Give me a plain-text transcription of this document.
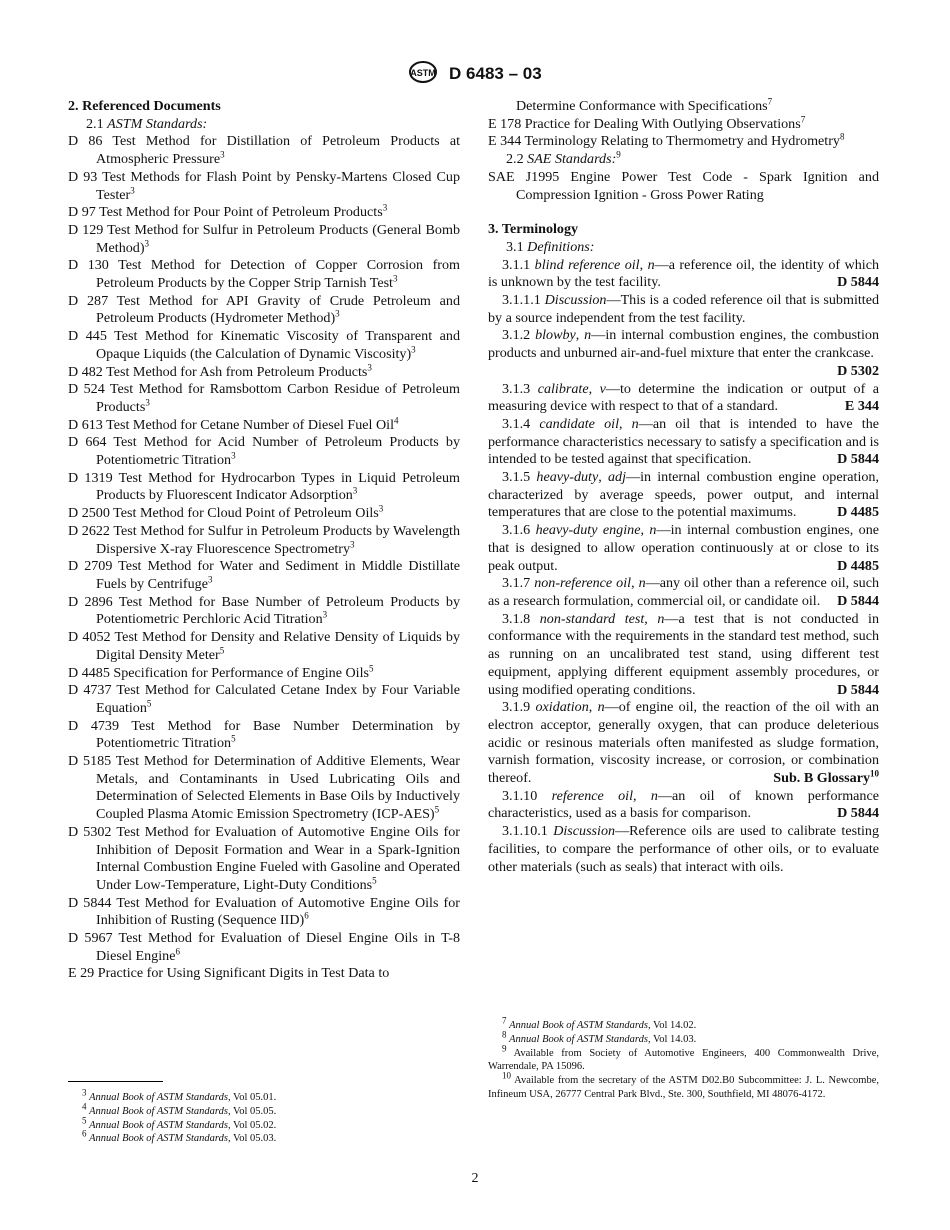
ASTM D 6483 – 03

2. Referenced Documents

2.1 ASTM Standards:
D 86 Test Method for Distillation of Petroleum Products at Atmospheric Pressure$^3$
D 93 Test Methods for Flash Point by Pensky-Martens Closed Cup Tester$^3$
D 97 Test Method for Pour Point of Petroleum Products$^3$
D 129 Test Method for Sulfur in Petroleum Products (General Bomb Method)$^3$
D 130 Test Method for Detection of Copper Corrosion from Petroleum Products by the Copper Strip Tarnish Test$^3$
D 287 Test Method for API Gravity of Crude Petroleum and Petroleum Products (Hydrometer Method)$^3$
D 445 Test Method for Kinematic Viscosity of Transparent and Opaque Liquids (the Calculation of Dynamic Viscosity)$^3$
D 482 Test Method for Ash from Petroleum Products$^3$
D 524 Test Method for Ramsbottom Carbon Residue of Petroleum Products$^3$
D 613 Test Method for Cetane Number of Diesel Fuel Oil$^4$
D 664 Test Method for Acid Number of Petroleum Products by Potentiometric Titration$^3$
D 1319 Test Method for Hydrocarbon Types in Liquid Petroleum Products by Fluorescent Indicator Adsorption$^3$
D 2500 Test Method for Cloud Point of Petroleum Oils$^3$
D 2622 Test Method for Sulfur in Petroleum Products by Wavelength Dispersive X-ray Fluorescence Spectrometry$^3$
D 2709 Test Method for Water and Sediment in Middle Distillate Fuels by Centrifuge$^3$
D 2896 Test Method for Base Number of Petroleum Products by Potentiometric Perchloric Acid Titration$^3$
D 4052 Test Method for Density and Relative Density of Liquids by Digital Density Meter$^5$
D 4485 Specification for Performance of Engine Oils$^5$
D 4737 Test Method for Calculated Cetane Index by Four Variable Equation$^5$
D 4739 Test Method for Base Number Determination by Potentiometric Titration$^5$
D 5185 Test Method for Determination of Additive Elements, Wear Metals, and Contaminants in Used Lubricating Oils and Determination of Selected Elements in Base Oils by Inductively Coupled Plasma Atomic Emission Spectrometry $(ICP-AES)^5$
D 5302 Test Method for Evaluation of Automotive Engine Oils for Inhibition of Deposit Formation and Wear in a Spark-Ignition Internal Combustion Engine Fueled with Gasoline and Operated Under Low-Temperature, Light-Duty Conditions$^5$
D 5844 Test Method for Evaluation of Automotive Engine Oils for Inhibition of Rusting (Sequence IID)$^6$
D 5967 Test Method for Evaluation of Diesel Engine Oils in T-8 Diesel Engine$^6$
E 29 Practice for Using Significant Digits in Test Data to
Determine Conformance with Specifications$^7$
E 178 Practice for Dealing With Outlying Observations$^7$
E 344 Terminology Relating to Thermometry and Hydrometry$^8$
2.2 SAE Standards:$^9$
SAE J1995 Engine Power Test Code - Spark Ignition and Compression Ignition - Gross Power Rating

3. Terminology

3.1 Definitions:

3.1.1 blind reference oil, n—a reference oil, the identity of which is unknown by the test facility.	D 5844

3.1.1.1 Discussion—This is a coded reference oil that is submitted by a source independent from the test facility.

3.1.2 blowby, n—in internal combustion engines, the combustion products and unburned air-and-fuel mixture that enter the crankcase.
D 5302

3.1.3 calibrate, v—to determine the indication or output of a measuring device with respect to that of a standard.	E 344

3.1.4 candidate oil, n—an oil that is intended to have the performance characteristics necessary to satisfy a specification and is intended to be tested against that specification.	D 5844

3.1.5 heavy-duty, adj—in internal combustion engine operation, characterized by average speeds, power output, and internal temperatures that are close to the potential maximums.	D 4485

3.1.6 heavy-duty engine, n—in internal combustion engines, one that is designed to allow operation continuously at or close to its peak output.	D 4485

3.1.7 non-reference oil, n—any oil other than a reference oil, such as a research formulation, commercial oil, or candidate oil.	D 5844

3.1.8 non-standard test, n—a test that is not conducted in conformance with the requirements in the standard test method, such as running on an uncalibrated test stand, using different test equipment, applying different equipment assembly procedures, or using modified operating conditions.	D 5844

3.1.9 oxidation, n—of engine oil, the reaction of the oil with an electron acceptor, generally oxygen, that can produce deleterious acidic or resinous materials often manifested as sludge formation, varnish formation, viscosity increase, or corrosion, or combination thereof.	Sub. B Glossary$^{10}$

3.1.10 reference oil, n—an oil of known performance characteristics, used as a basis for comparison.	D 5844

3.1.10.1 Discussion—Reference oils are used to calibrate testing facilities, to compare the performance of other oils, or to evaluate other materials (such as seals) that interact with oils.

$^3$ Annual Book of ASTM Standards, Vol 05.01.
$^4$ Annual Book of ASTM Standards, Vol 05.05.
$^5$ Annual Book of ASTM Standards, Vol 05.02.
$^6$ Annual Book of ASTM Standards, Vol 05.03.
$^7$ Annual Book of ASTM Standards, Vol 14.02.
$^8$ Annual Book of ASTM Standards, Vol 14.03.
$^9$ Available from Society of Automotive Engineers, 400 Commonwealth Drive, Warrendale, PA 15096.
$^{10}$ Available from the secretary of the ASTM D02.B0 Subcommittee: J. L. Newcombe, Infineum USA, 26777 Central Park Blvd., Ste. 300, Southfield, MI 48076-4172.
2
